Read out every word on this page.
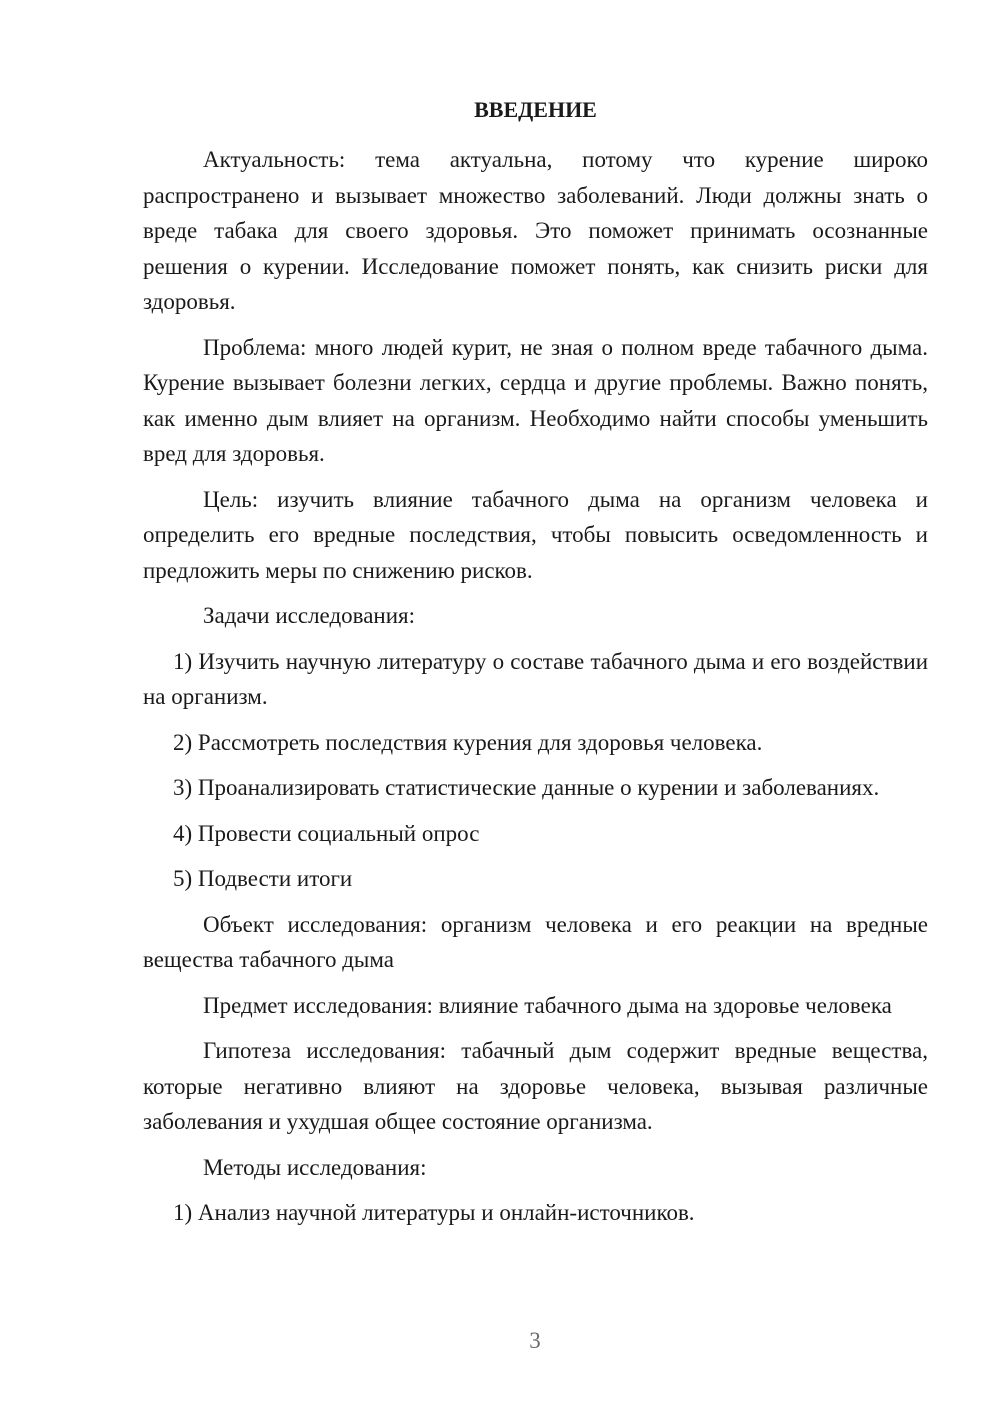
ВВЕДЕНИЕ

Актуальность: тема актуальна, потому что курение широко распространено и вызывает множество заболеваний. Люди должны знать о вреде табака для своего здоровья. Это поможет принимать осознанные решения о курении. Исследование поможет понять, как снизить риски для здоровья.

Проблема: много людей курит, не зная о полном вреде табачного дыма. Курение вызывает болезни легких, сердца и другие проблемы. Важно понять, как именно дым влияет на организм. Необходимо найти способы уменьшить вред для здоровья.

Цель: изучить влияние табачного дыма на организм человека и определить его вредные последствия, чтобы повысить осведомленность и предложить меры по снижению рисков.

Задачи исследования:

1) Изучить научную литературу о составе табачного дыма и его воздействии на организм.

2) Рассмотреть последствия курения для здоровья человека.

3) Проанализировать статистические данные о курении и заболеваниях.

4) Провести социальный опрос

5) Подвести итоги

Объект исследования: организм человека и его реакции на вредные вещества табачного дыма

Предмет исследования: влияние табачного дыма на здоровье человека

Гипотеза исследования: табачный дым содержит вредные вещества, которые негативно влияют на здоровье человека, вызывая различные заболевания и ухудшая общее состояние организма.

Методы исследования:

1) Анализ научной литературы и онлайн-источников.

3
